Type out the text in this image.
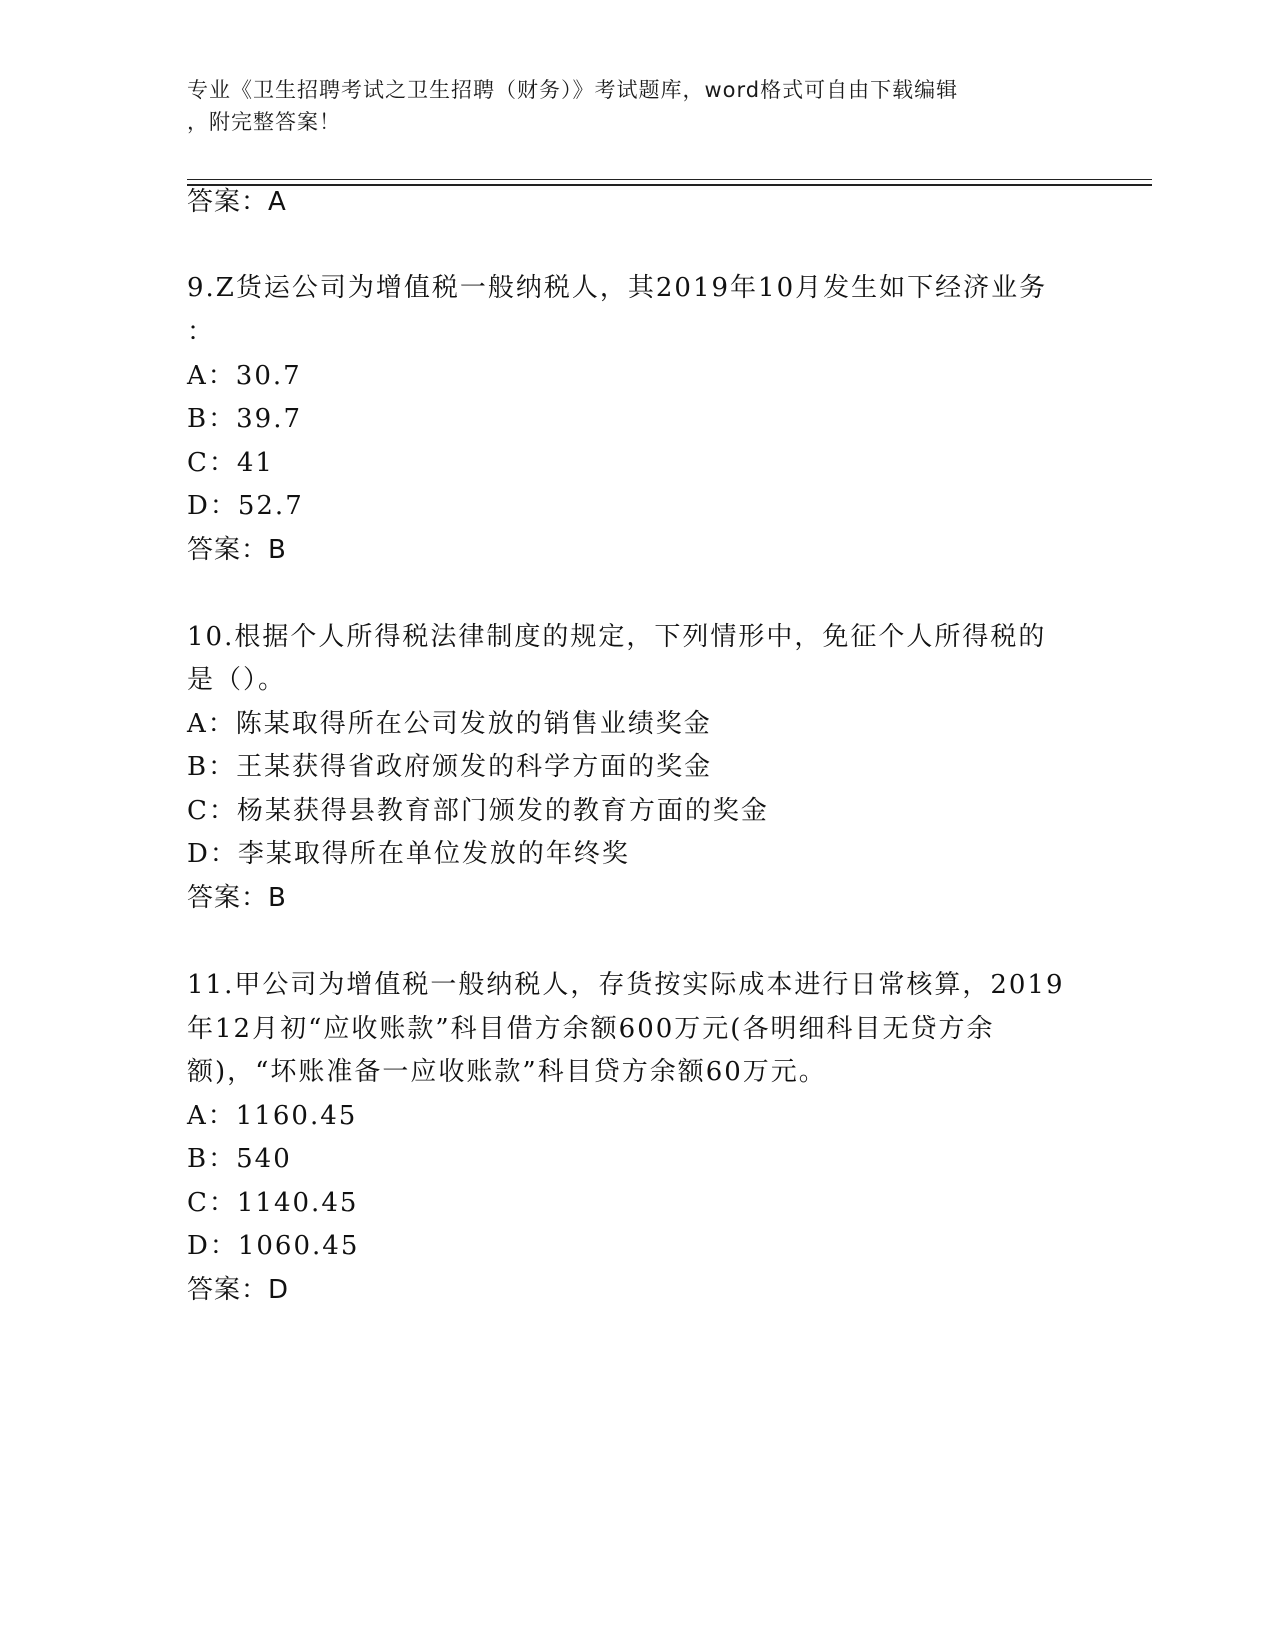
专业《卫生招聘考试之卫生招聘（财务）》考试题库，word格式可自由下载编辑
，附完整答案！
答案：A
9.Z货运公司为增值税一般纳税人，其2019年10月发生如下经济业务
：
A：30.7
B：39.7
C：41
D：52.7
答案：B
10.根据个人所得税法律制度的规定，下列情形中，免征个人所得税的
是（）。
A：陈某取得所在公司发放的销售业绩奖金
B：王某获得省政府颁发的科学方面的奖金
C：杨某获得县教育部门颁发的教育方面的奖金
D：李某取得所在单位发放的年终奖
答案：B
11.甲公司为增值税一般纳税人，存货按实际成本进行日常核算，2019
年12月初“应收账款”科目借方余额600万元(各明细科目无贷方余
额)，“坏账准备一应收账款”科目贷方余额60万元。
A：1160.45
B：540
C：1140.45
D：1060.45
答案：D
